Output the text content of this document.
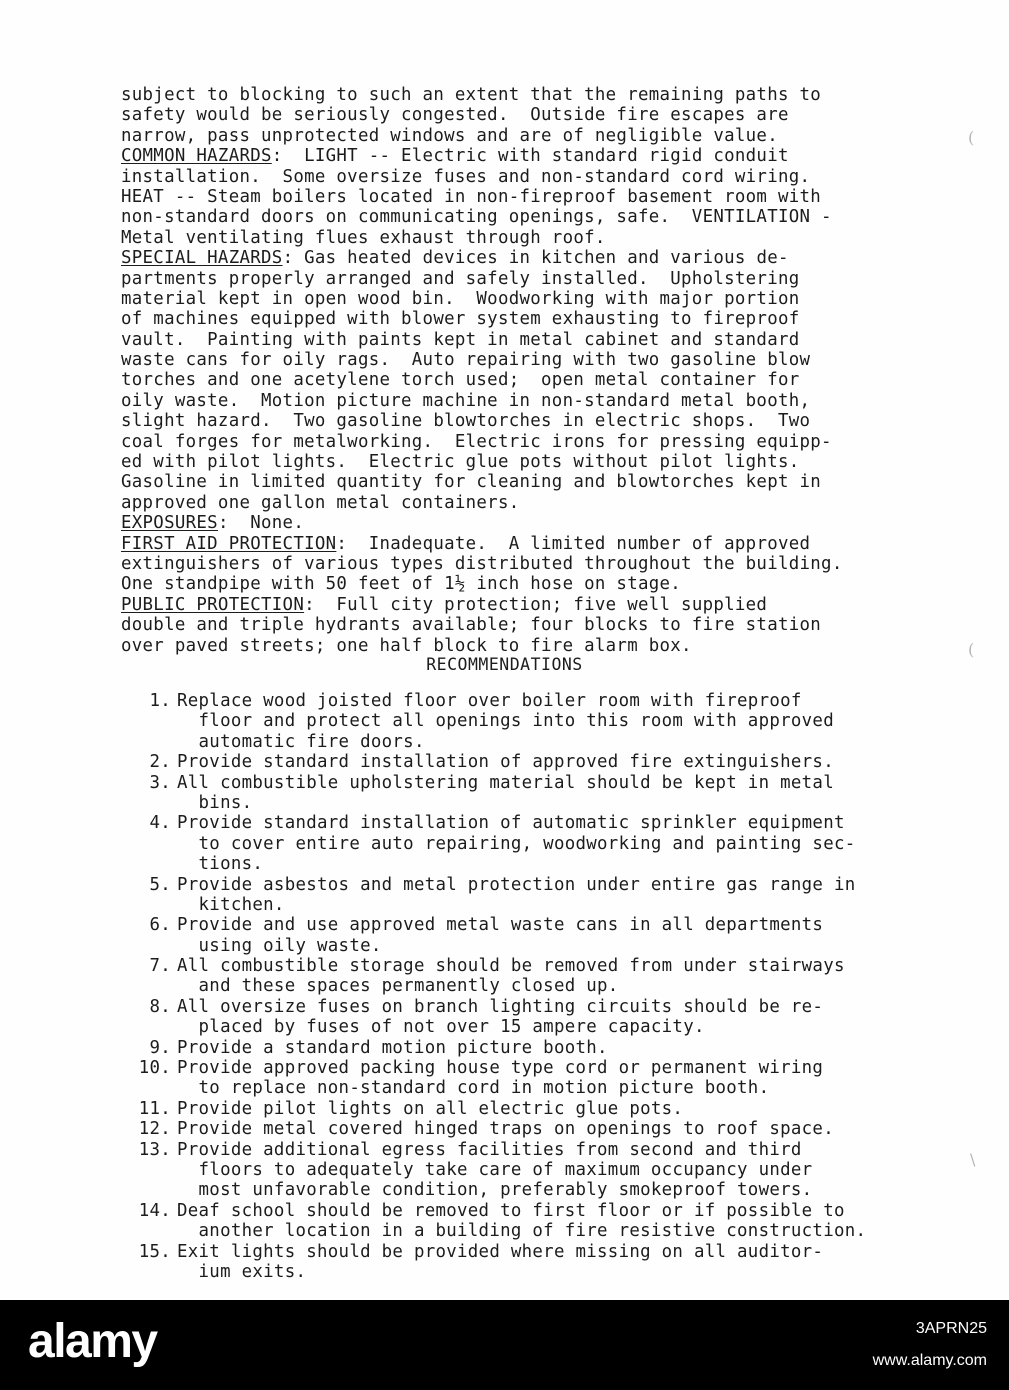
subject to blocking to such an extent that the remaining paths to
safety would be seriously congested.  Outside fire escapes are
narrow, pass unprotected windows and are of negligible value.
COMMON HAZARDS:  LIGHT -- Electric with standard rigid conduit
installation.  Some oversize fuses and non-standard cord wiring.
HEAT -- Steam boilers located in non-fireproof basement room with
non-standard doors on communicating openings, safe.  VENTILATION -
Metal ventilating flues exhaust through roof.
SPECIAL HAZARDS: Gas heated devices in kitchen and various de-
partments properly arranged and safely installed.  Upholstering
material kept in open wood bin.  Woodworking with major portion
of machines equipped with blower system exhausting to fireproof
vault.  Painting with paints kept in metal cabinet and standard
waste cans for oily rags.  Auto repairing with two gasoline blow
torches and one acetylene torch used;  open metal container for
oily waste.  Motion picture machine in non-standard metal booth,
slight hazard.  Two gasoline blowtorches in electric shops.  Two
coal forges for metalworking.  Electric irons for pressing equipp-
ed with pilot lights.  Electric glue pots without pilot lights.
Gasoline in limited quantity for cleaning and blowtorches kept in
approved one gallon metal containers.
EXPOSURES:  None.
FIRST AID PROTECTION:  Inadequate.  A limited number of approved
extinguishers of various types distributed throughout the building.
One standpipe with 50 feet of 1½ inch hose on stage.
PUBLIC PROTECTION:  Full city protection; five well supplied
double and triple hydrants available; four blocks to fire station
over paved streets; one half block to fire alarm box.
RECOMMENDATIONS
1. Replace wood joisted floor over boiler room with fireproof
floor and protect all openings into this room with approved
automatic fire doors.
2. Provide standard installation of approved fire extinguishers.
3. All combustible upholstering material should be kept in metal
bins.
4. Provide standard installation of automatic sprinkler equipment
to cover entire auto repairing, woodworking and painting sec-
tions.
5. Provide asbestos and metal protection under entire gas range in
kitchen.
6. Provide and use approved metal waste cans in all departments
using oily waste.
7. All combustible storage should be removed from under stairways
and these spaces permanently closed up.
8. All oversize fuses on branch lighting circuits should be re-
placed by fuses of not over 15 ampere capacity.
9. Provide a standard motion picture booth.
10. Provide approved packing house type cord or permanent wiring
to replace non-standard cord in motion picture booth.
11. Provide pilot lights on all electric glue pots.
12. Provide metal covered hinged traps on openings to roof space.
13. Provide additional egress facilities from second and third
floors to adequately take care of maximum occupancy under
most unfavorable condition, preferably smokeproof towers.
14. Deaf school should be removed to first floor or if possible to
another location in a building of fire resistive construction.
15. Exit lights should be provided where missing on all auditor-
ium exits.
(
(
\
alamy	3APRN25
www.alamy.com
